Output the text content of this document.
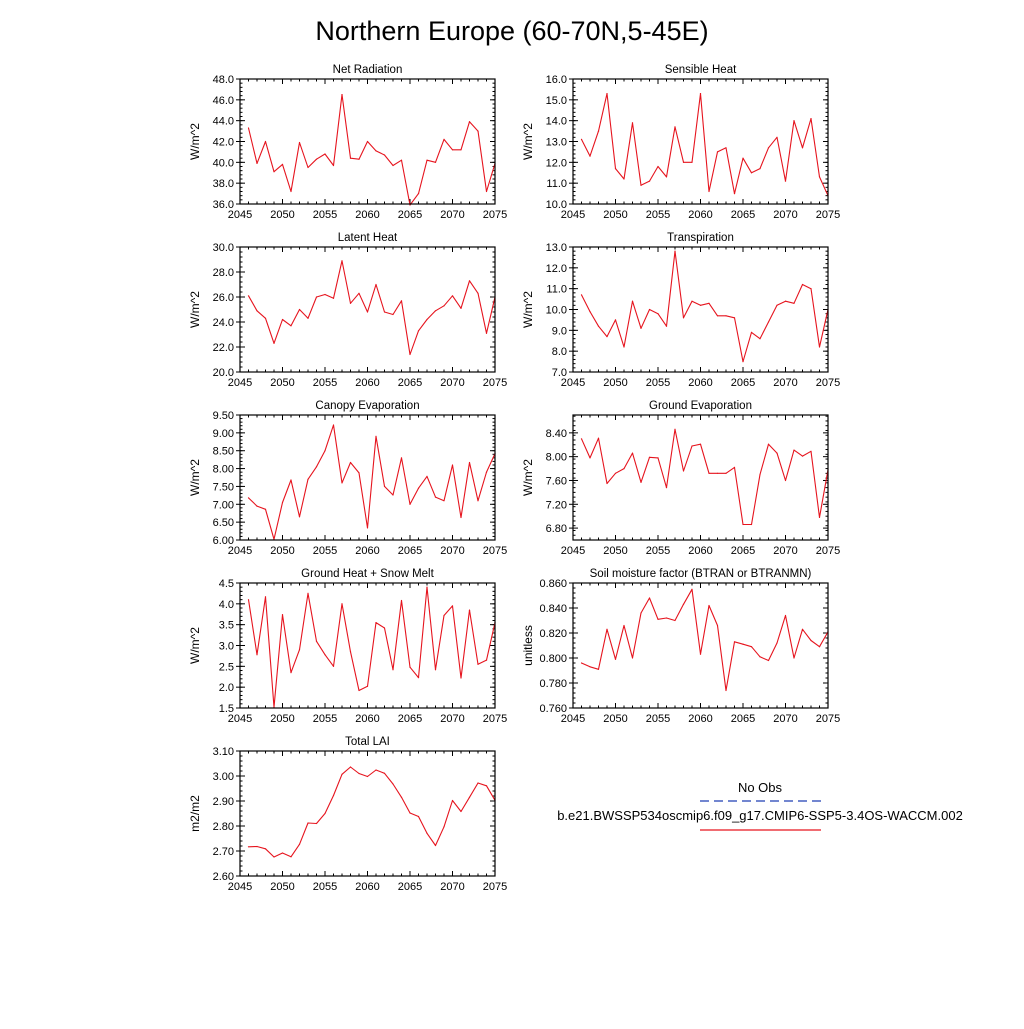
Northern Europe (60-70N,5-45E)
Net Radiation
W/m^2
2045 2050 2055 2060 2065 2070 2075
36.0
38.0
40.0
42.0
44.0
46.0
48.0
Sensible Heat
W/m^2
2045 2050 2055 2060 2065 2070 2075
10.0
11.0
12.0
13.0
14.0
15.0
16.0
Latent Heat
W/m^2
2045 2050 2055 2060 2065 2070 2075
20.0
22.0
24.0
26.0
28.0
30.0
Transpiration
W/m^2
2045 2050 2055 2060 2065 2070 2075
7.0
8.0
9.0
10.0
11.0
12.0
13.0
Canopy Evaporation
W/m^2
2045 2050 2055 2060 2065 2070 2075
6.00
6.50
7.00
7.50
8.00
8.50
9.00
9.50
Ground Evaporation
W/m^2
2045 2050 2055 2060 2065 2070 2075
6.80
7.20
7.60
8.00
8.40
Ground Heat + Snow Melt
W/m^2
2045 2050 2055 2060 2065 2070 2075
1.5
2.0
2.5
3.0
3.5
4.0
4.5
Soil moisture factor (BTRAN or BTRANMN)
unitless
2045 2050 2055 2060 2065 2070 2075
0.760
0.780
0.800
0.820
0.840
0.860
Total LAI
m2/m2
2045 2050 2055 2060 2065 2070 2075
2.60
2.70
2.80
2.90
3.00
3.10
No Obs
b.e21.BWSSP534oscmip6.f09_g17.CMIP6-SSP5-3.4OS-WACCM.002
